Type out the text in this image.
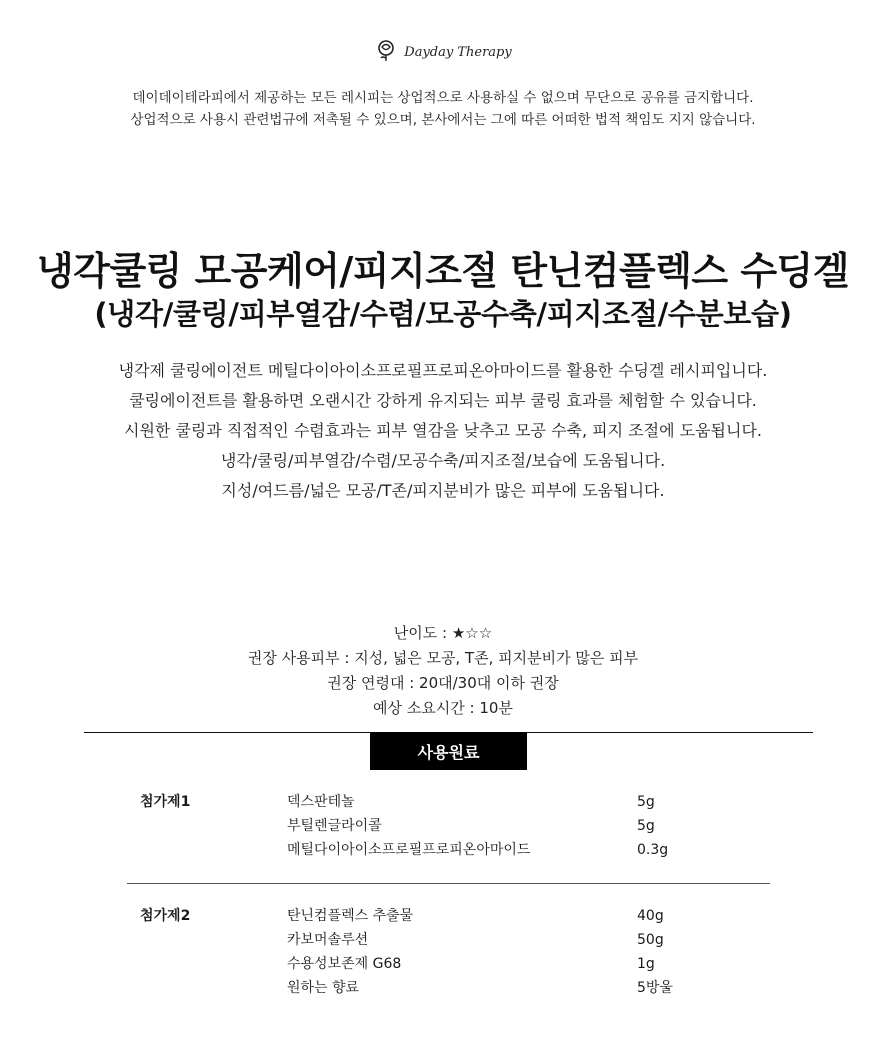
Dayday Therapy
데이데이테라피에서 제공하는 모든 레시피는 상업적으로 사용하실 수 없으며 무단으로 공유를 금지합니다.
상업적으로 사용시 관련법규에 저촉될 수 있으며, 본사에서는 그에 따른 어떠한 법적 책임도 지지 않습니다.
냉각쿨링 모공케어/피지조절 탄닌컴플렉스 수딩겔
(냉각/쿨링/피부열감/수렴/모공수축/피지조절/수분보습)
냉각제 쿨링에이전트 메틸다이아이소프로필프로피온아마이드를 활용한 수딩겔 레시피입니다.
쿨링에이전트를 활용하면 오랜시간 강하게 유지되는 피부 쿨링 효과를 체험할 수 있습니다.
시원한 쿨링과 직접적인 수렴효과는 피부 열감을 낮추고 모공 수축, 피지 조절에 도움됩니다.
냉각/쿨링/피부열감/수렴/모공수축/피지조절/보습에 도움됩니다.
지성/여드름/넓은 모공/T존/피지분비가 많은 피부에 도움됩니다.
난이도 : ★☆☆
권장 사용피부 : 지성, 넓은 모공, T존, 피지분비가 많은 피부
권장 연령대 : 20대/30대 이하 권장
예상 소요시간 : 10분
사용원료
첨가제1	덱스판테놀	5g
부틸렌글라이콜	5g
메틸다이아이소프로필프로피온아마이드	0.3g
첨가제2	탄닌컴플렉스 추출물	40g
카보머솔루션	50g
수용성보존제 G68	1g
원하는 향료	5방울
